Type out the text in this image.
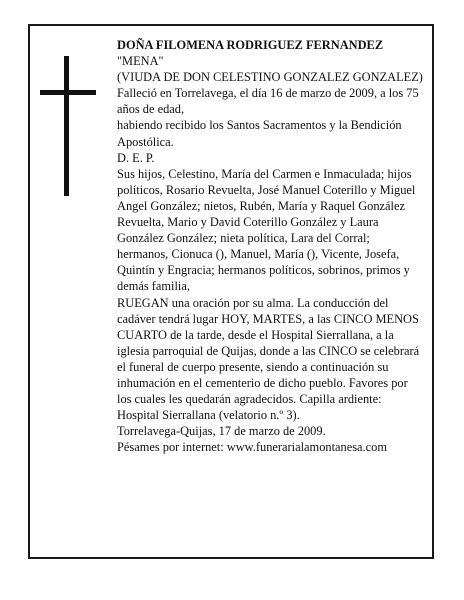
DOÑA FILOMENA RODRIGUEZ FERNANDEZ

"MENA"

(VIUDA DE DON CELESTINO GONZALEZ GONZALEZ)

Falleció en Torrelavega, el día 16 de marzo de 2009, a los 75 años de edad,

habiendo recibido los Santos Sacramentos y la Bendición Apostólica.

D. E. P.

Sus hijos, Celestino, María del Carmen e Inmaculada; hijos políticos, Rosario Revuelta, José Manuel Coterillo y Miguel Angel González; nietos, Rubén, María y Raquel González Revuelta, Mario y David Coterillo González y Laura González González; nieta política, Lara del Corral; hermanos, Cionuca (), Manuel, María (), Vicente, Josefa, Quintín y Engracia; hermanos políticos, sobrinos, primos y demás familia,

RUEGAN una oración por su alma. La conducción del cadáver tendrá lugar HOY, MARTES, a las CINCO MENOS CUARTO de la tarde, desde el Hospital Sierrallana, a la iglesia parroquial de Quijas, donde a las CINCO se celebrará el funeral de cuerpo presente, siendo a continuación su inhumación en el cementerio de dicho pueblo. Favores por los cuales les quedarán agradecidos. Capilla ardiente: Hospital Sierrallana (velatorio n.º 3).

Torrelavega-Quijas, 17 de marzo de 2009.

Pésames por internet: www.funerarialamontanesa.com
